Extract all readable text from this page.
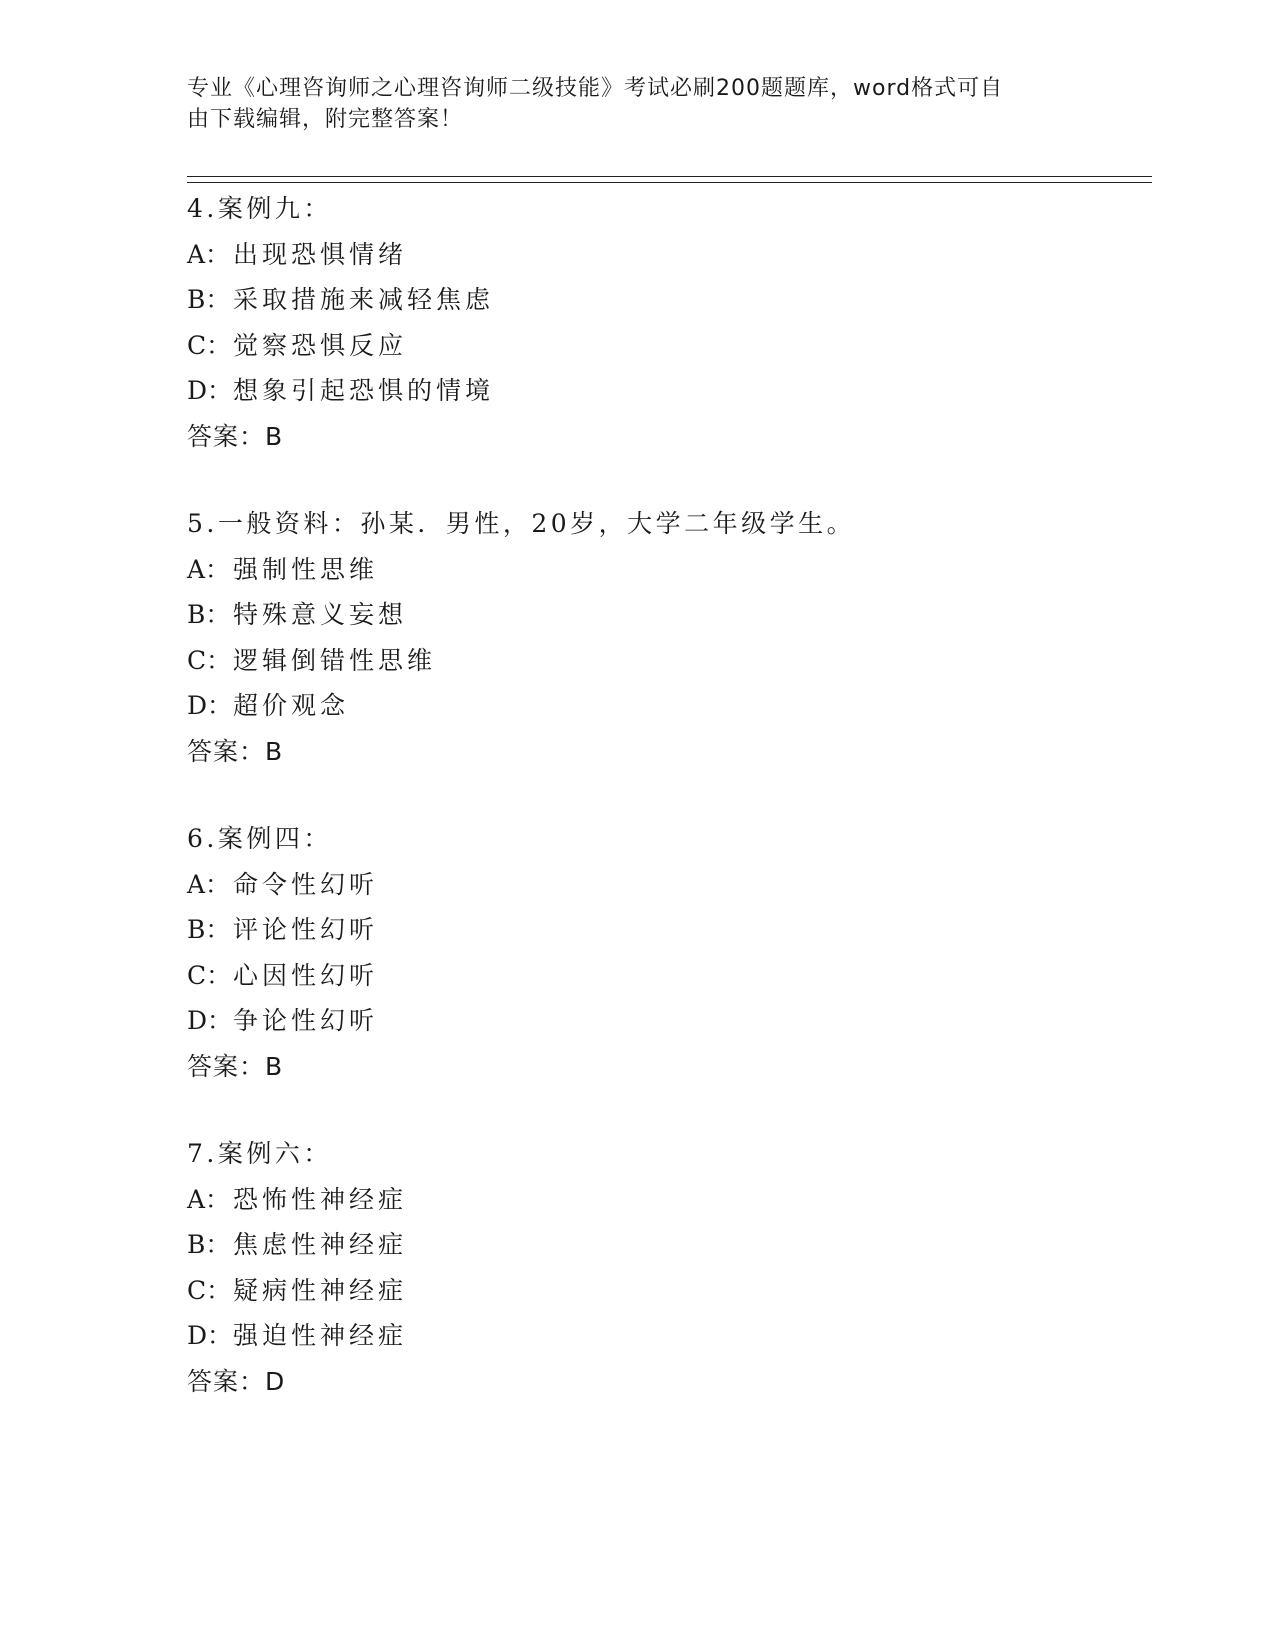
专业《心理咨询师之心理咨询师二级技能》考试必刷200题题库，word格式可自
由下载编辑，附完整答案！
4.案例九：
A： 出现恐惧情绪
B： 采取措施来减轻焦虑
C：觉察恐惧反应
D：想象引起恐惧的情境
答案：B
5.一般资料：孙某．男性，20岁，大学二年级学生。
A： 强制性思维
B： 特殊意义妄想
C：逻辑倒错性思维
D：超价观念
答案：B
6.案例四：
A： 命令性幻听
B： 评论性幻听
C：心因性幻听
D：争论性幻听
答案：B
7.案例六：
A： 恐怖性神经症
B： 焦虑性神经症
C：疑病性神经症
D：强迫性神经症
答案：D
